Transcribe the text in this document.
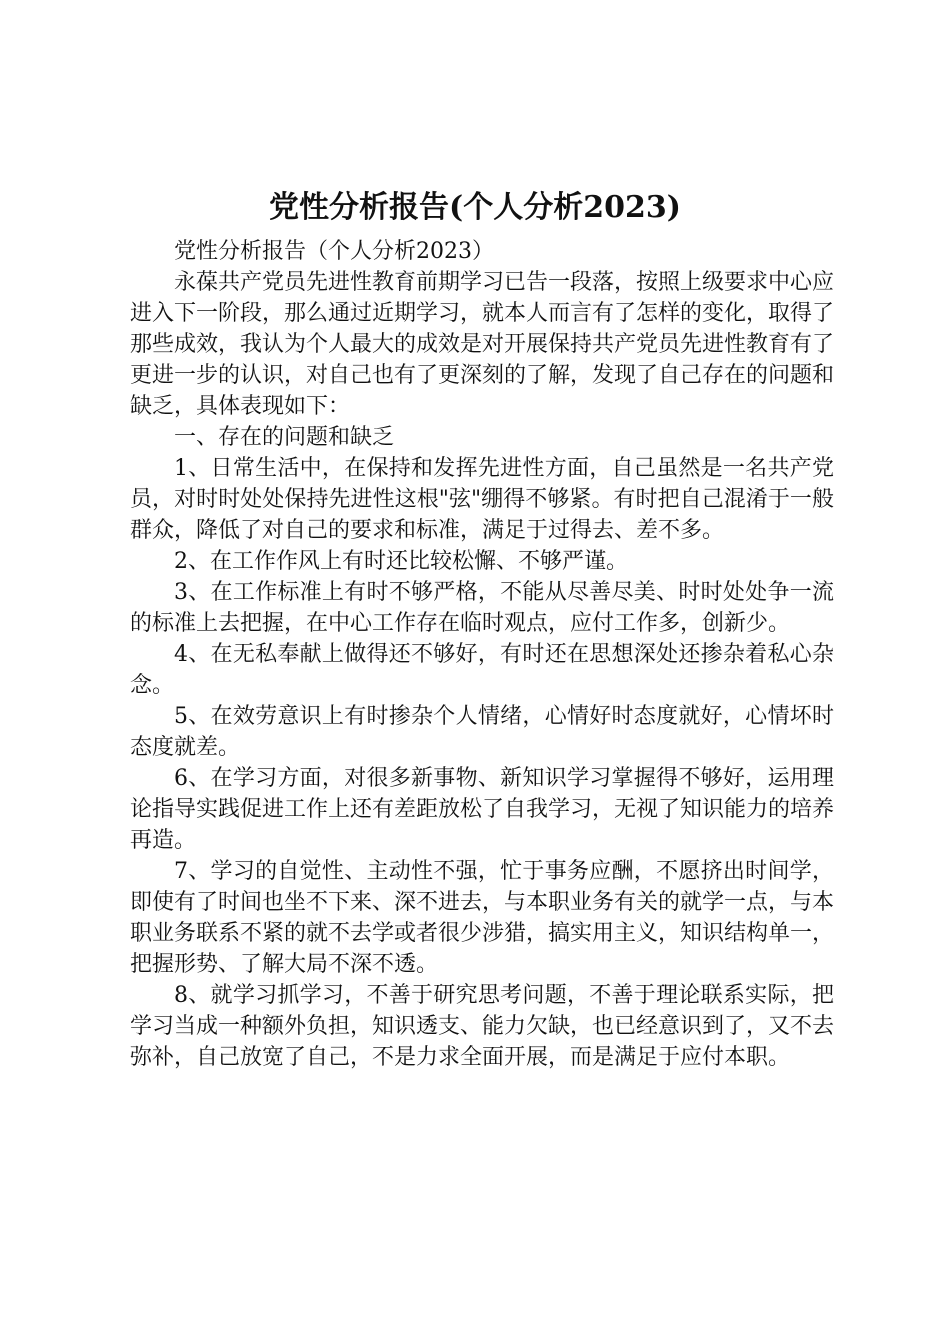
党性分析报告(个人分析2023)

党性分析报告（个人分析2023）

永葆共产党员先进性教育前期学习已告一段落，按照上级要求中心应进入下一阶段，那么通过近期学习，就本人而言有了怎样的变化，取得了那些成效，我认为个人最大的成效是对开展保持共产党员先进性教育有了更进一步的认识，对自己也有了更深刻的了解，发现了自己存在的问题和缺乏，具体表现如下：

一、存在的问题和缺乏

1、日常生活中，在保持和发挥先进性方面，自己虽然是一名共产党员，对时时处处保持先进性这根"弦"绷得不够紧。有时把自己混淆于一般群众，降低了对自己的要求和标准，满足于过得去、差不多。

2、在工作作风上有时还比较松懈、不够严谨。

3、在工作标准上有时不够严格，不能从尽善尽美、时时处处争一流的标准上去把握，在中心工作存在临时观点，应付工作多，创新少。

4、在无私奉献上做得还不够好，有时还在思想深处还掺杂着私心杂念。

5、在效劳意识上有时掺杂个人情绪，心情好时态度就好，心情坏时态度就差。

6、在学习方面，对很多新事物、新知识学习掌握得不够好，运用理论指导实践促进工作上还有差距放松了自我学习，无视了知识能力的培养再造。

7、学习的自觉性、主动性不强，忙于事务应酬，不愿挤出时间学，即使有了时间也坐不下来、深不进去，与本职业务有关的就学一点，与本职业务联系不紧的就不去学或者很少涉猎，搞实用主义，知识结构单一，把握形势、了解大局不深不透。

8、就学习抓学习，不善于研究思考问题，不善于理论联系实际，把学习当成一种额外负担，知识透支、能力欠缺，也已经意识到了，又不去弥补，自己放宽了自己，不是力求全面开展，而是满足于应付本职。
